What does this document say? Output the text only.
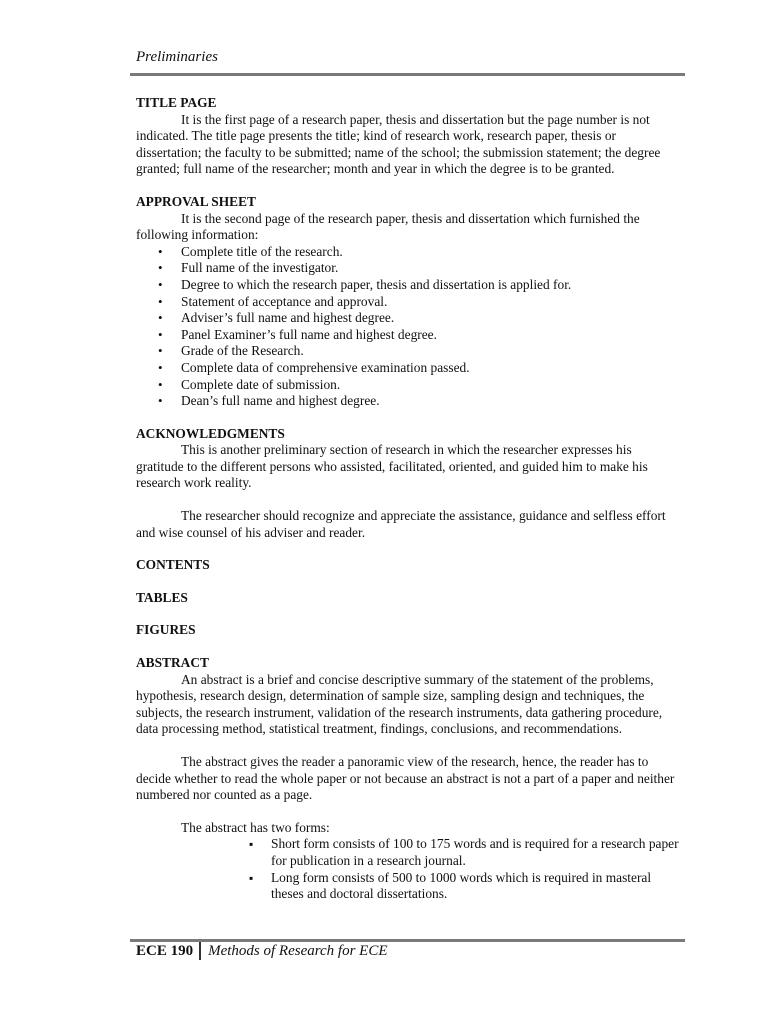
Preliminaries
TITLE PAGE

It is the first page of a research paper, thesis and dissertation but the page number is not indicated. The title page presents the title; kind of research work, research paper, thesis or dissertation; the faculty to be submitted; name of the school; the submission statement; the degree granted; full name of the researcher; month and year in which the degree is to be granted.

APPROVAL SHEET

It is the second page of the research paper, thesis and dissertation which furnished the following information:

• Complete title of the research.
• Full name of the investigator.
• Degree to which the research paper, thesis and dissertation is applied for.
• Statement of acceptance and approval.
• Adviser’s full name and highest degree.
• Panel Examiner’s full name and highest degree.
• Grade of the Research.
• Complete data of comprehensive examination passed.
• Complete date of submission.
• Dean’s full name and highest degree.
ACKNOWLEDGMENTS

This is another preliminary section of research in which the researcher expresses his gratitude to the different persons who assisted, facilitated, oriented, and guided him to make his research work reality.

The researcher should recognize and appreciate the assistance, guidance and selfless effort and wise counsel of his adviser and reader.

CONTENTS
TABLES
FIGURES
ABSTRACT

An abstract is a brief and concise descriptive summary of the statement of the problems, hypothesis, research design, determination of sample size, sampling design and techniques, the subjects, the research instrument, validation of the research instruments, data gathering procedure, data processing method, statistical treatment, findings, conclusions, and recommendations.

The abstract gives the reader a panoramic view of the research, hence, the reader has to decide whether to read the whole paper or not because an abstract is not a part of a paper and neither numbered nor counted as a page.

The abstract has two forms:

▪ Short form consists of 100 to 175 words and is required for a research paper for publication in a research journal.
▪ Long form consists of 500 to 1000 words which is required in masteral theses and doctoral dissertations.
ECE 190	Methods of Research for ECE
